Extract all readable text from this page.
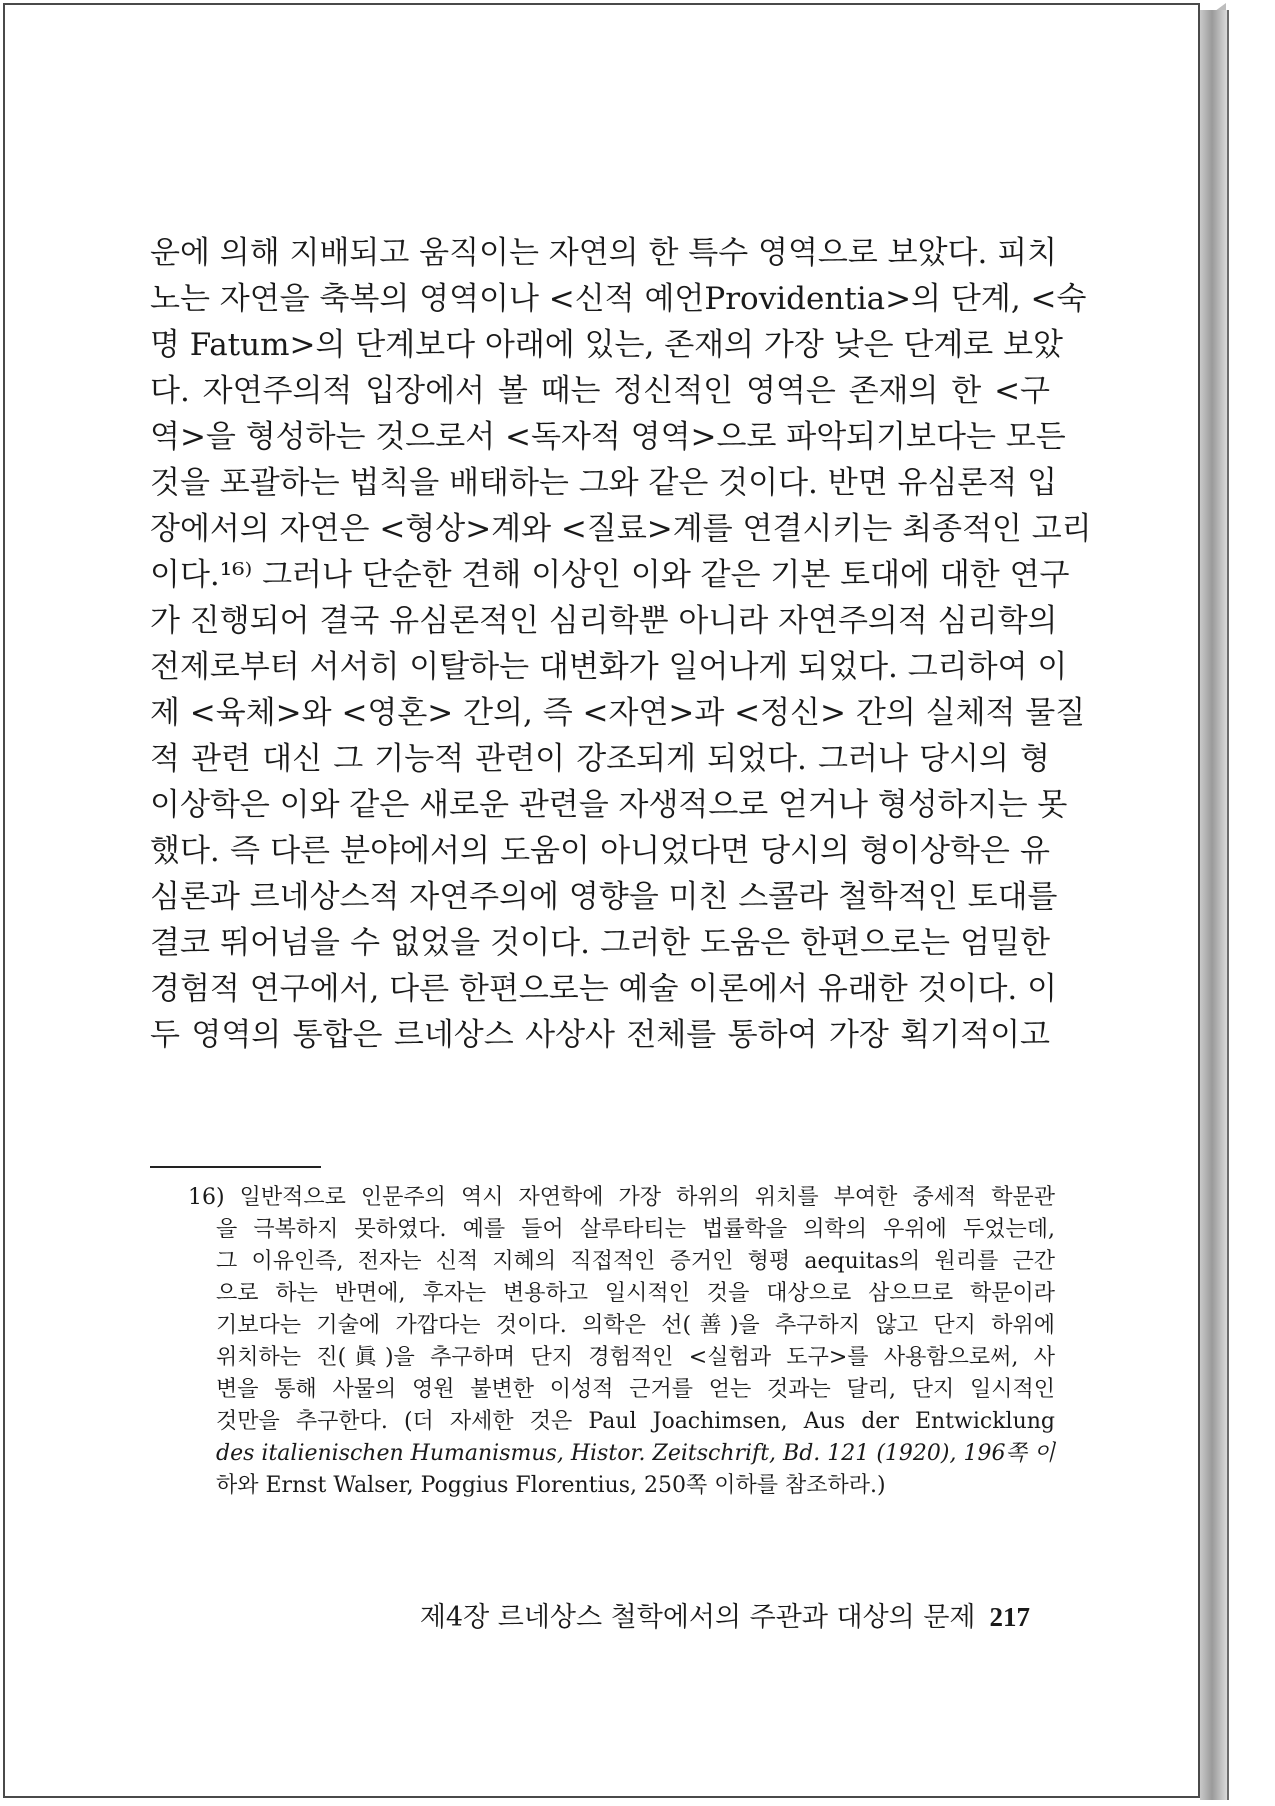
운에 의해 지배되고 움직이는 자연의 한 특수 영역으로 보았다. 피치
노는 자연을 축복의 영역이나 <신적 예언Providentia>의 단계, <숙
명 Fatum>의 단계보다 아래에 있는, 존재의 가장 낮은 단계로 보았
다. 자연주의적 입장에서 볼 때는 정신적인 영역은 존재의 한 <구
역>을 형성하는 것으로서 <독자적 영역>으로 파악되기보다는 모든
것을 포괄하는 법칙을 배태하는 그와 같은 것이다. 반면 유심론적 입
장에서의 자연은 <형상>계와 <질료>계를 연결시키는 최종적인 고리
이다.¹⁶⁾ 그러나 단순한 견해 이상인 이와 같은 기본 토대에 대한 연구
가 진행되어 결국 유심론적인 심리학뿐 아니라 자연주의적 심리학의
전제로부터 서서히 이탈하는 대변화가 일어나게 되었다. 그리하여 이
제 <육체>와 <영혼> 간의, 즉 <자연>과 <정신> 간의 실체적 물질
적 관련 대신 그 기능적 관련이 강조되게 되었다. 그러나 당시의 형
이상학은 이와 같은 새로운 관련을 자생적으로 얻거나 형성하지는 못
했다. 즉 다른 분야에서의 도움이 아니었다면 당시의 형이상학은 유
심론과 르네상스적 자연주의에 영향을 미친 스콜라 철학적인 토대를
결코 뛰어넘을 수 없었을 것이다. 그러한 도움은 한편으로는 엄밀한
경험적 연구에서, 다른 한편으로는 예술 이론에서 유래한 것이다. 이
두 영역의 통합은 르네상스 사상사 전체를 통하여 가장 획기적이고
16) 일반적으로 인문주의 역시 자연학에 가장 하위의 위치를 부여한 중세적 학문관
을 극복하지 못하였다. 예를 들어 살루타티는 법률학을 의학의 우위에 두었는데,
그 이유인즉, 전자는 신적 지혜의 직접적인 증거인 형평 aequitas의 원리를 근간
으로 하는 반면에, 후자는 변용하고 일시적인 것을 대상으로 삼으므로 학문이라
기보다는 기술에 가깝다는 것이다. 의학은 선(善)을 추구하지 않고 단지 하위에
위치하는 진(眞)을 추구하며 단지 경험적인 <실험과 도구>를 사용함으로써, 사
변을 통해 사물의 영원 불변한 이성적 근거를 얻는 것과는 달리, 단지 일시적인
것만을 추구한다. (더 자세한 것은 Paul Joachimsen, Aus der Entwicklung
des italienischen Humanismus, Histor. Zeitschrift, Bd. 121 (1920), 196쪽 이
하와 Ernst Walser, Poggius Florentius, 250쪽 이하를 참조하라.)
제4장 르네상스 철학에서의 주관과 대상의 문제 217
